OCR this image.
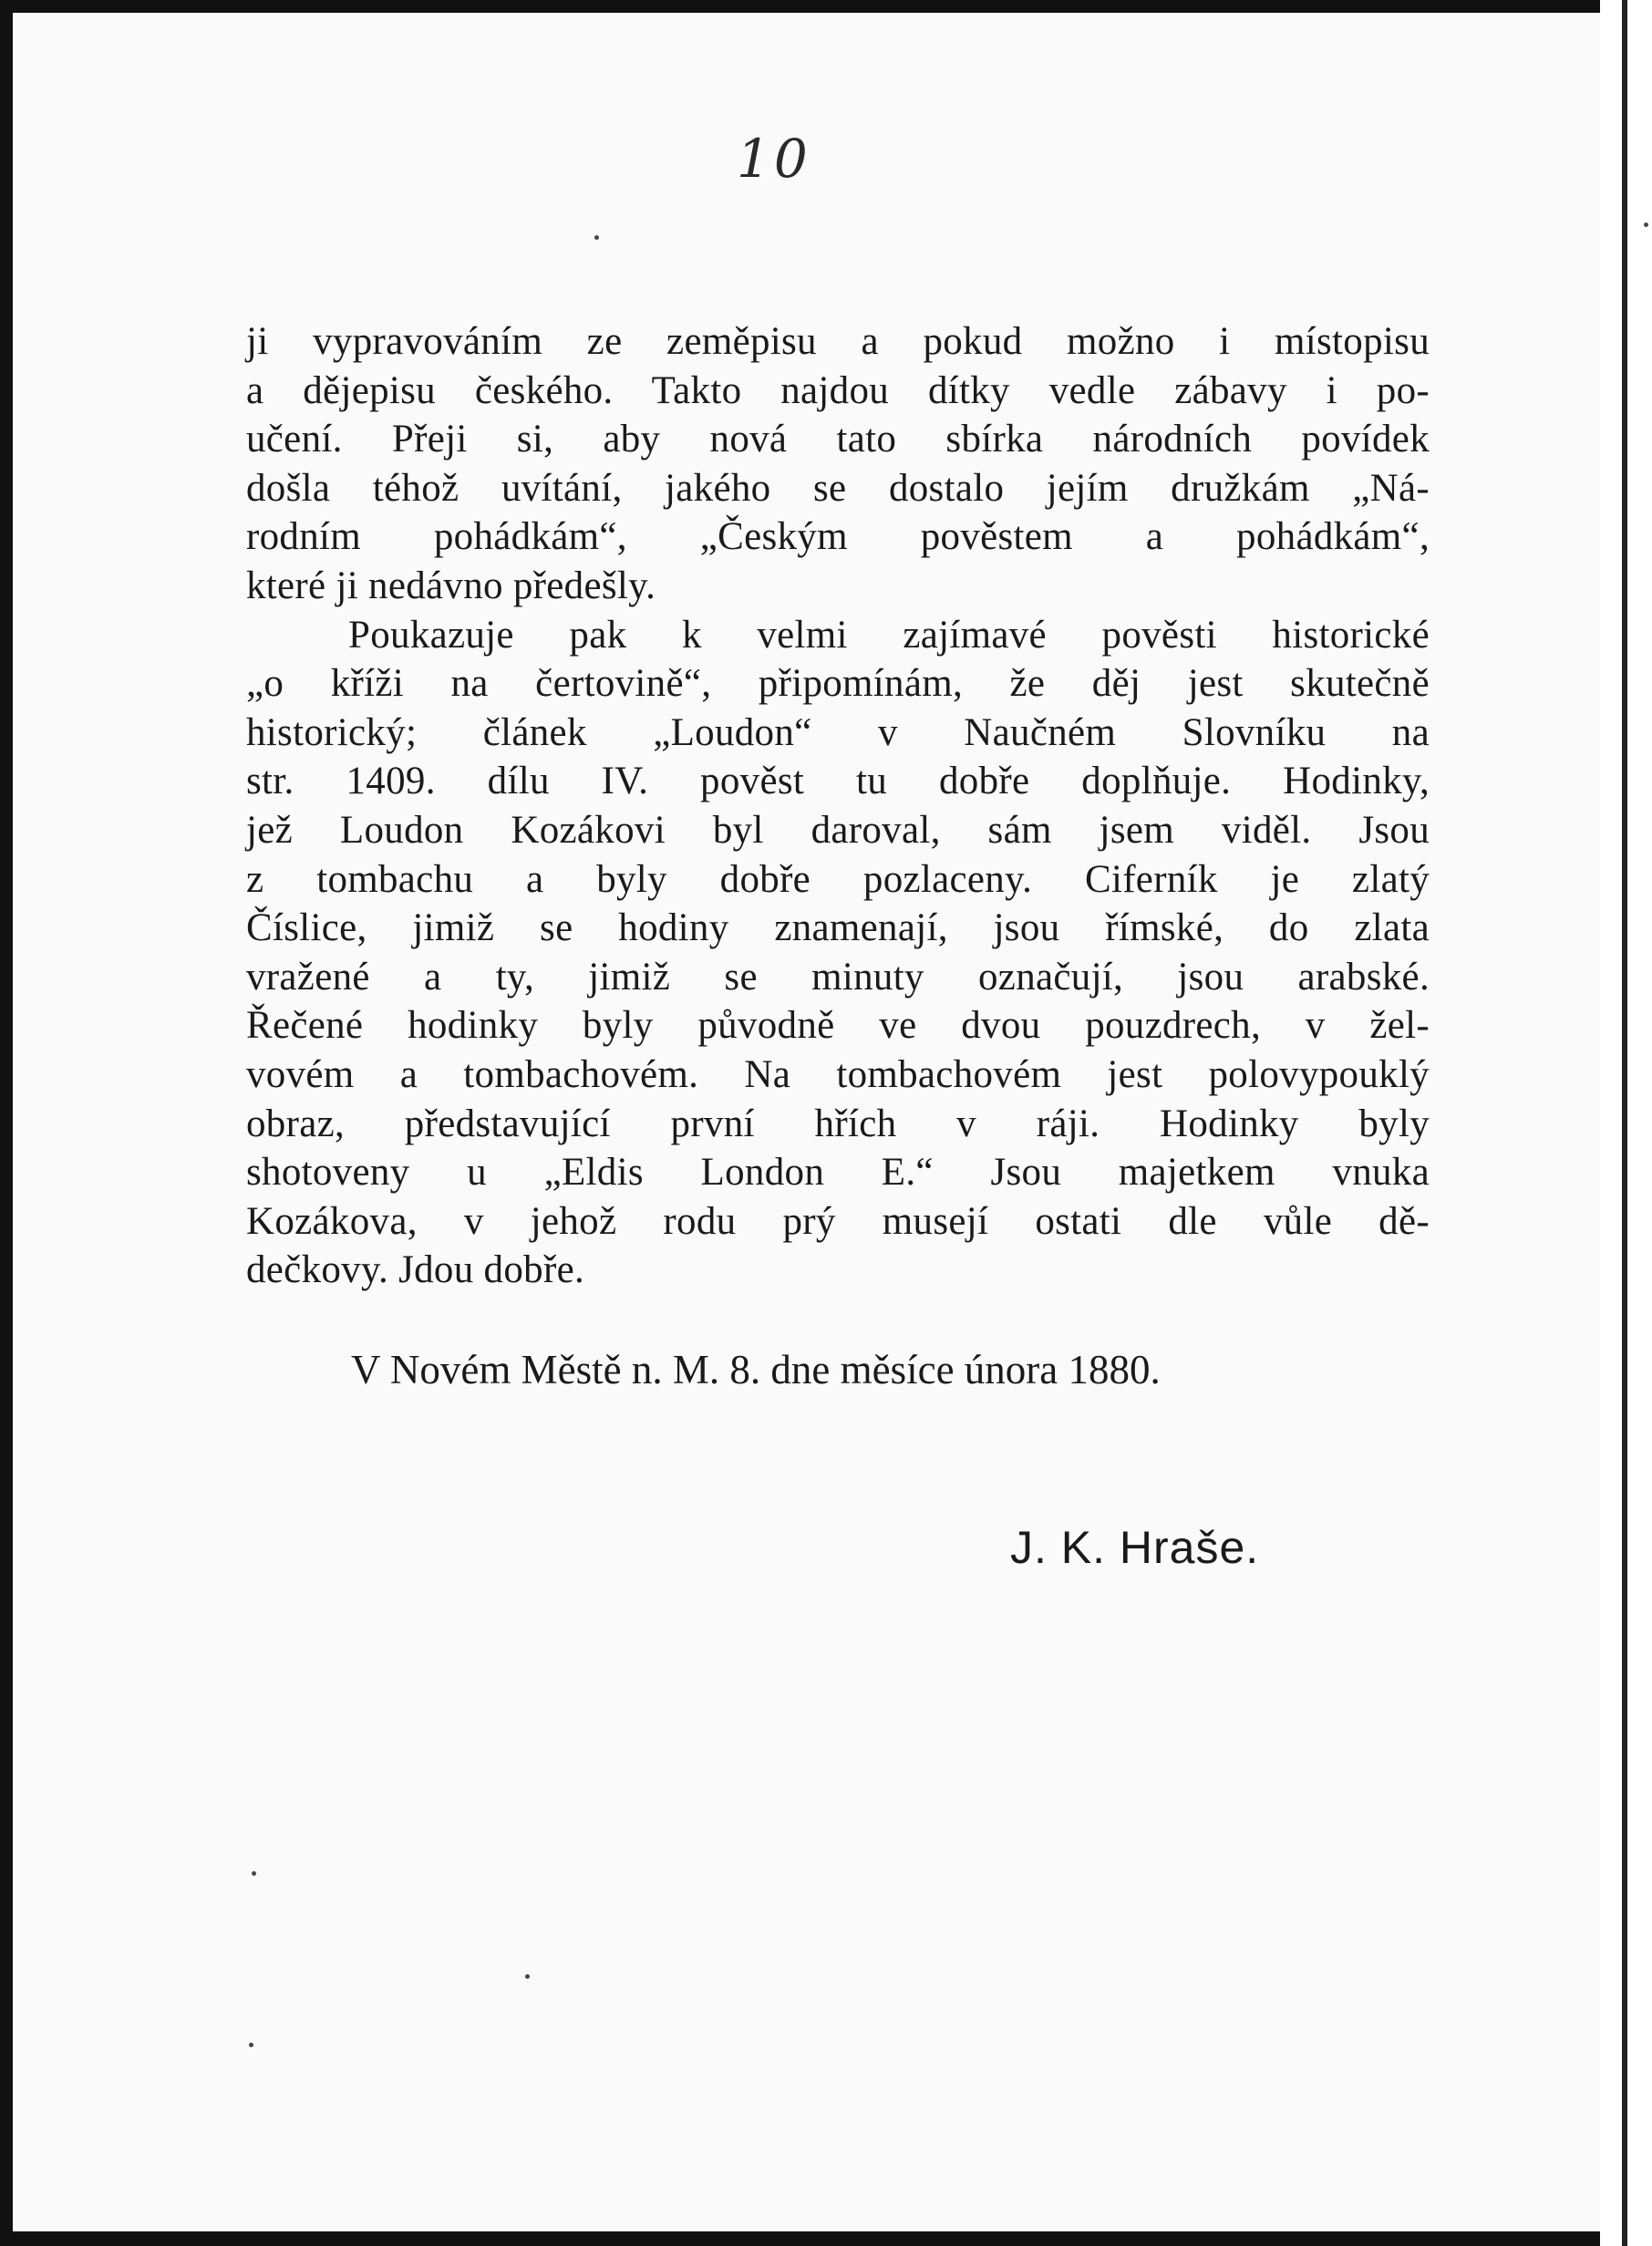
10
ji vypravováním ze zeměpisu a pokud možno i místopisu
a dějepisu českého. Takto najdou dítky vedle zábavy i po-
učení. Přeji si, aby nová tato sbírka národních povídek
došla téhož uvítání, jakého se dostalo jejím družkám „Ná-
rodním pohádkám“, „Českým pověstem a pohádkám“,
které ji nedávno předešly.
Poukazuje pak k velmi zajímavé pověsti historické
„o kříži na čertovině“, připomínám, že děj jest skutečně
historický; článek „Loudon“ v Naučném Slovníku na
str. 1409. dílu IV. pověst tu dobře doplňuje. Hodinky,
jež Loudon Kozákovi byl daroval, sám jsem viděl. Jsou
z tombachu a byly dobře pozlaceny. Ciferník je zlatý
Číslice, jimiž se hodiny znamenají, jsou římské, do zlata
vražené a ty, jimiž se minuty označují, jsou arabské.
Řečené hodinky byly původně ve dvou pouzdrech, v žel-
vovém a tombachovém. Na tombachovém jest polovypouklý
obraz, představující první hřích v ráji. Hodinky byly
shotoveny u „Eldis London E.“ Jsou majetkem vnuka
Kozákova, v jehož rodu prý musejí ostati dle vůle dě-
dečkovy. Jdou dobře.
V Novém Městě n. M. 8. dne měsíce února 1880.
J. K. Hraše.
